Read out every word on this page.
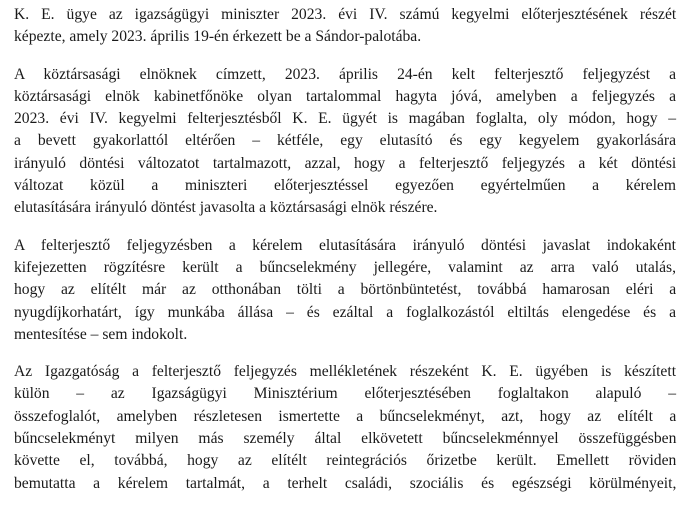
K. E. ügye az igazságügyi miniszter 2023. évi IV. számú kegyelmi előterjesztésének részét
képezte, amely 2023. április 19-én érkezett be a Sándor-palotába.
A köztársasági elnöknek címzett, 2023. április 24-én kelt felterjesztő feljegyzést a
köztársasági elnök kabinetfőnöke olyan tartalommal hagyta jóvá, amelyben a feljegyzés a
2023. évi IV. kegyelmi felterjesztésből K. E. ügyét is magában foglalta, oly módon, hogy –
a bevett gyakorlattól eltérően – kétféle, egy elutasító és egy kegyelem gyakorlására
irányuló döntési változatot tartalmazott, azzal, hogy a felterjesztő feljegyzés a két döntési
változat közül a miniszteri előterjesztéssel egyezően egyértelműen a kérelem
elutasítására irányuló döntést javasolta a köztársasági elnök részére.
A felterjesztő feljegyzésben a kérelem elutasítására irányuló döntési javaslat indokaként
kifejezetten rögzítésre került a bűncselekmény jellegére, valamint az arra való utalás,
hogy az elítélt már az otthonában tölti a börtönbüntetést, továbbá hamarosan eléri a
nyugdíjkorhatárt, így munkába állása – és ezáltal a foglalkozástól eltiltás elengedése és a
mentesítése – sem indokolt.
Az Igazgatóság a felterjesztő feljegyzés mellékletének részeként K. E. ügyében is készített
külön – az Igazságügyi Minisztérium előterjesztésében foglaltakon alapuló –
összefoglalót, amelyben részletesen ismertette a bűncselekményt, azt, hogy az elítélt a
bűncselekményt milyen más személy által elkövetett bűncselekménnyel összefüggésben
követte el, továbbá, hogy az elítélt reintegrációs őrizetbe került. Emellett röviden
bemutatta a kérelem tartalmát, a terhelt családi, szociális és egészségi körülményeit,
